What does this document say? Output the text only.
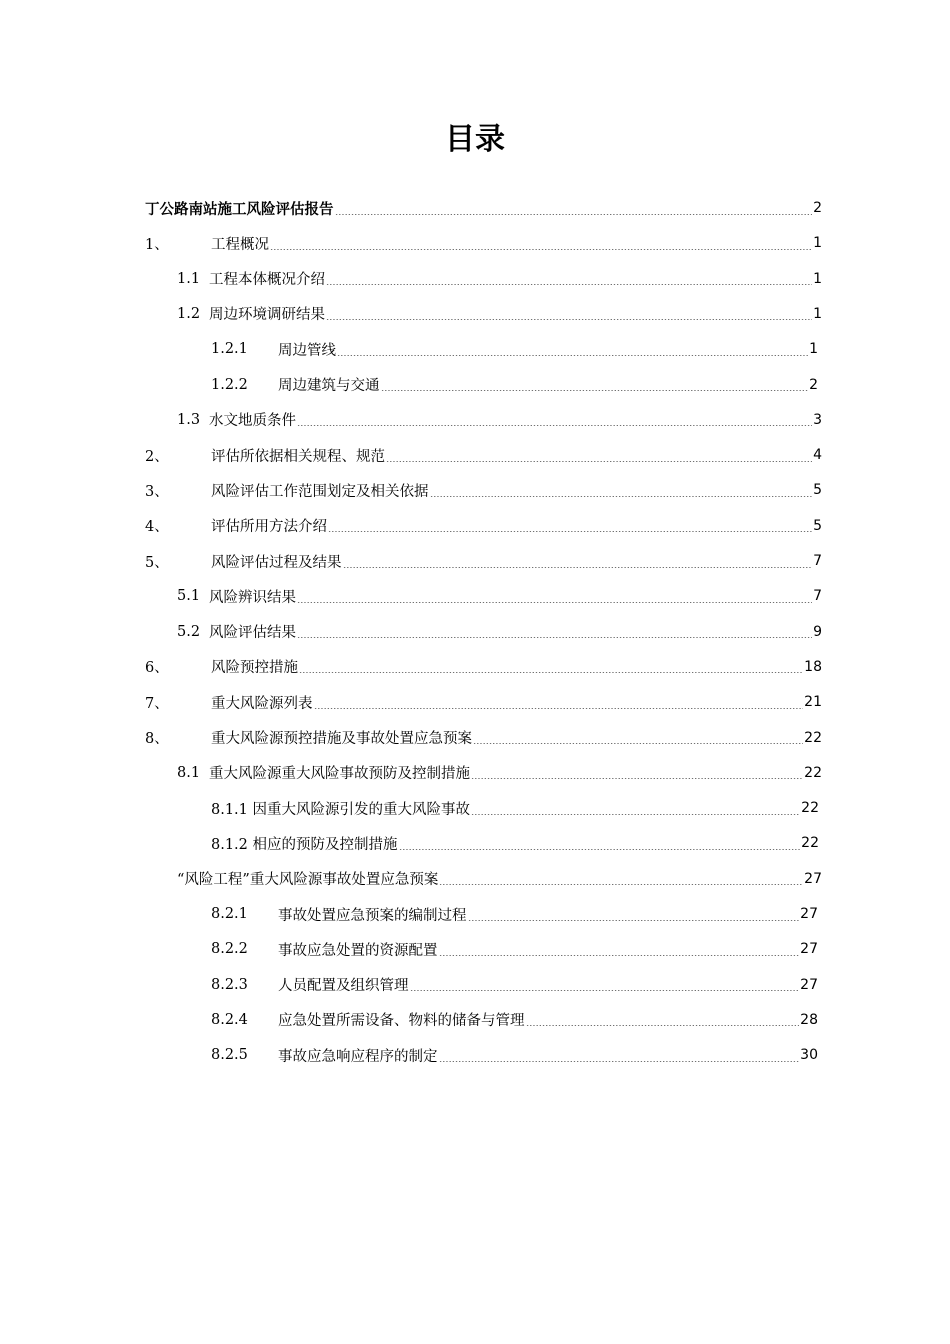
目录
丁公路南站施工风险评估报告	2
1、	工程概况	1
1.1 工程本体概况介绍	1
1.2 周边环境调研结果	1
1.2.1	周边管线	1
1.2.2	周边建筑与交通	2
1.3 水文地质条件	3
2、	评估所依据相关规程、规范	4
3、	风险评估工作范围划定及相关依据	5
4、	评估所用方法介绍	5
5、	风险评估过程及结果	7
5.1 风险辨识结果	7
5.2 风险评估结果	9
6、	风险预控措施	18
7、	重大风险源列表	21
8、	重大风险源预控措施及事故处置应急预案	22
8.1 重大风险源重大风险事故预防及控制措施	22
8.1.1 因重大风险源引发的重大风险事故	22
8.1.2 相应的预防及控制措施	22
“风险工程”重大风险源事故处置应急预案	27
8.2.1	事故处置应急预案的编制过程	27
8.2.2	事故应急处置的资源配置	27
8.2.3	人员配置及组织管理	27
8.2.4	应急处置所需设备、物料的储备与管理	28
8.2.5	事故应急响应程序的制定	30
